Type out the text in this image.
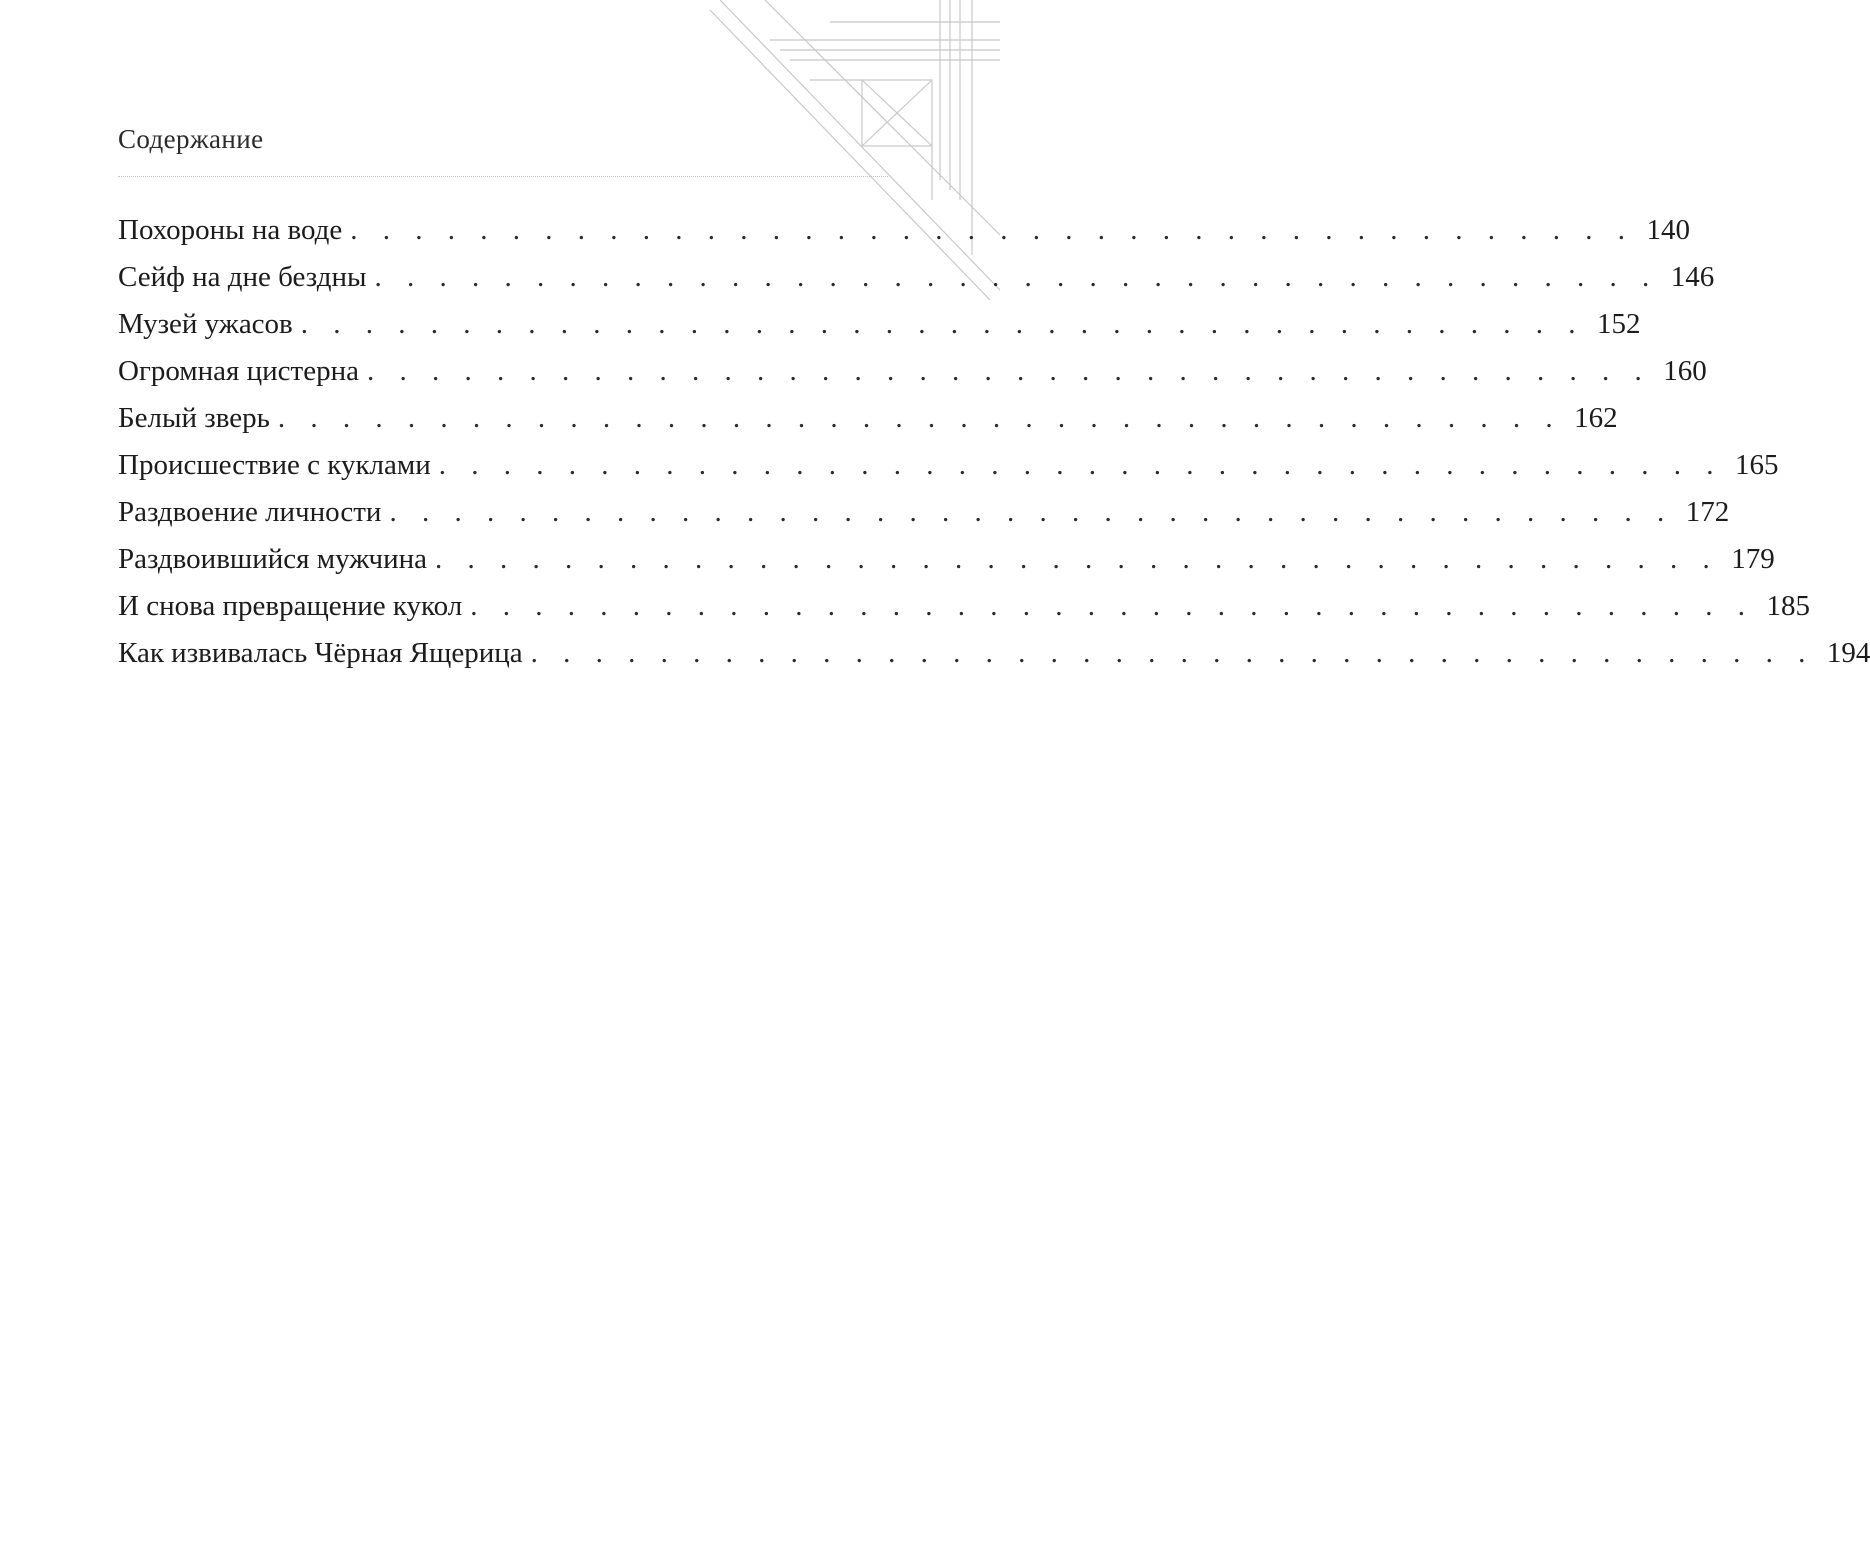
Содержание
Похороны на воде . . . . . . . . . . . . . . . . . . . . . . . . . . . . . . . . . . . . . . . . 140
Сейф на дне бездны . . . . . . . . . . . . . . . . . . . . . . . . . . . . . . . . . . . . . . . . 146
Музей ужасов . . . . . . . . . . . . . . . . . . . . . . . . . . . . . . . . . . . . . . . . 152
Огромная цистерна . . . . . . . . . . . . . . . . . . . . . . . . . . . . . . . . . . . . . . . . 160
Белый зверь . . . . . . . . . . . . . . . . . . . . . . . . . . . . . . . . . . . . . . . . 162
Происшествие с куклами . . . . . . . . . . . . . . . . . . . . . . . . . . . . . . . . . . . . . . . . 165
Раздвоение личности . . . . . . . . . . . . . . . . . . . . . . . . . . . . . . . . . . . . . . . . 172
Раздвоившийся мужчина . . . . . . . . . . . . . . . . . . . . . . . . . . . . . . . . . . . . . . . . 179
И снова превращение кукол . . . . . . . . . . . . . . . . . . . . . . . . . . . . . . . . . . . . . . . . 185
Как извивалась Чёрная Ящерица . . . . . . . . . . . . . . . . . . . . . . . . . . . . . . . . . . . . . . . . 194
